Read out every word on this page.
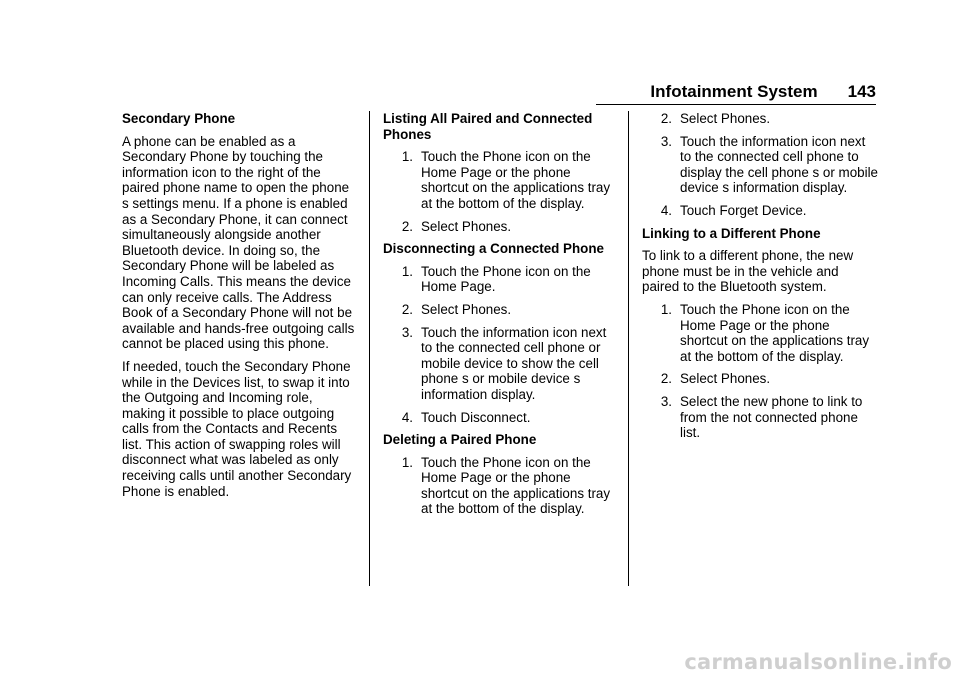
Infotainment System 143
Secondary Phone

A phone can be enabled as a Secondary Phone by touching the information icon to the right of the paired phone name to open the phone s settings menu. If a phone is enabled as a Secondary Phone, it can connect simultaneously alongside another Bluetooth device. In doing so, the Secondary Phone will be labeled as Incoming Calls. This means the device can only receive calls. The Address Book of a Secondary Phone will not be available and hands-free outgoing calls cannot be placed using this phone.

If needed, touch the Secondary Phone while in the Devices list, to swap it into the Outgoing and Incoming role, making it possible to place outgoing calls from the Contacts and Recents list. This action of swapping roles will disconnect what was labeled as only receiving calls until another Secondary Phone is enabled.

Listing All Paired and Connected Phones
1. Touch the Phone icon on the Home Page or the phone shortcut on the applications tray at the bottom of the display.
2. Select Phones.
Disconnecting a Connected Phone
1. Touch the Phone icon on the Home Page.
2. Select Phones.
3. Touch the information icon next to the connected cell phone or mobile device to show the cell phone s or mobile device s information display.
4. Touch Disconnect.
Deleting a Paired Phone
1. Touch the Phone icon on the Home Page or the phone shortcut on the applications tray at the bottom of the display.
2. Select Phones.
3. Touch the information icon next to the connected cell phone to display the cell phone s or mobile device s information display.
4. Touch Forget Device.
Linking to a Different Phone

To link to a different phone, the new phone must be in the vehicle and paired to the Bluetooth system.

1. Touch the Phone icon on the Home Page or the phone shortcut on the applications tray at the bottom of the display.
2. Select Phones.
3. Select the new phone to link to from the not connected phone list.
carmanualsonline.info
